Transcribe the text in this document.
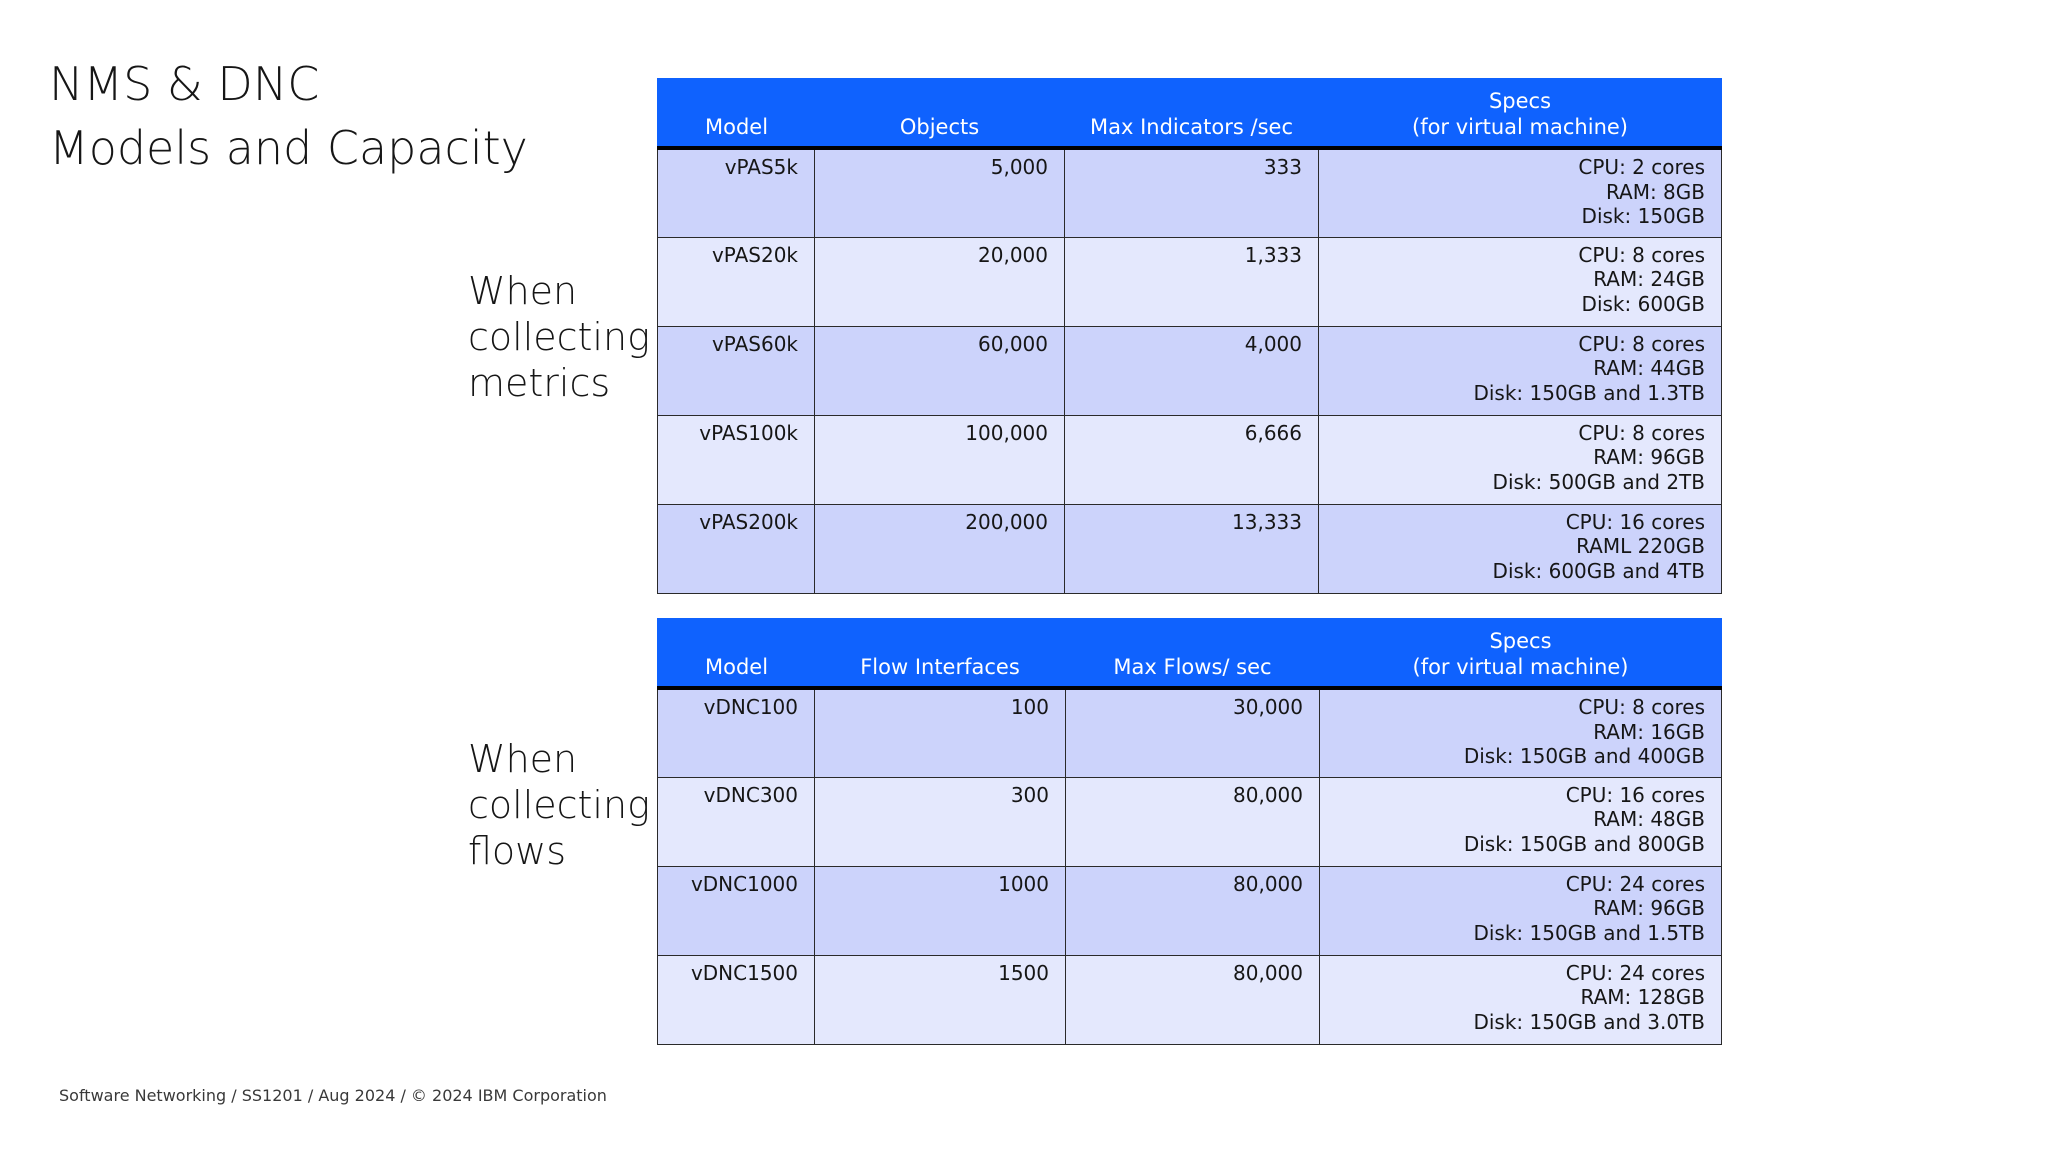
NMS & DNC
Models and Capacity
When
collecting
metrics
Model	Objects	Max Indicators /sec	Specs
(for virtual machine)

vPAS5k	5,000	333	CPU: 2 cores
RAM: 8GB
Disk: 150GB

vPAS20k	20,000	1,333	CPU: 8 cores
RAM: 24GB
Disk: 600GB

vPAS60k	60,000	4,000	CPU: 8 cores
RAM: 44GB
Disk: 150GB and 1.3TB

vPAS100k	100,000	6,666	CPU: 8 cores
RAM: 96GB
Disk: 500GB and 2TB

vPAS200k	200,000	13,333	CPU: 16 cores
RAML 220GB
Disk: 600GB and 4TB
When
collecting
flows
Model	Flow Interfaces	Max Flows/ sec	Specs
(for virtual machine)

vDNC100	100	30,000	CPU: 8 cores
RAM: 16GB
Disk: 150GB and 400GB

vDNC300	300	80,000	CPU: 16 cores
RAM: 48GB
Disk: 150GB and 800GB

vDNC1000	1000	80,000	CPU: 24 cores
RAM: 96GB
Disk: 150GB and 1.5TB

vDNC1500	1500	80,000	CPU: 24 cores
RAM: 128GB
Disk: 150GB and 3.0TB
Software Networking / SS1201 / Aug 2024 / © 2024 IBM Corporation
